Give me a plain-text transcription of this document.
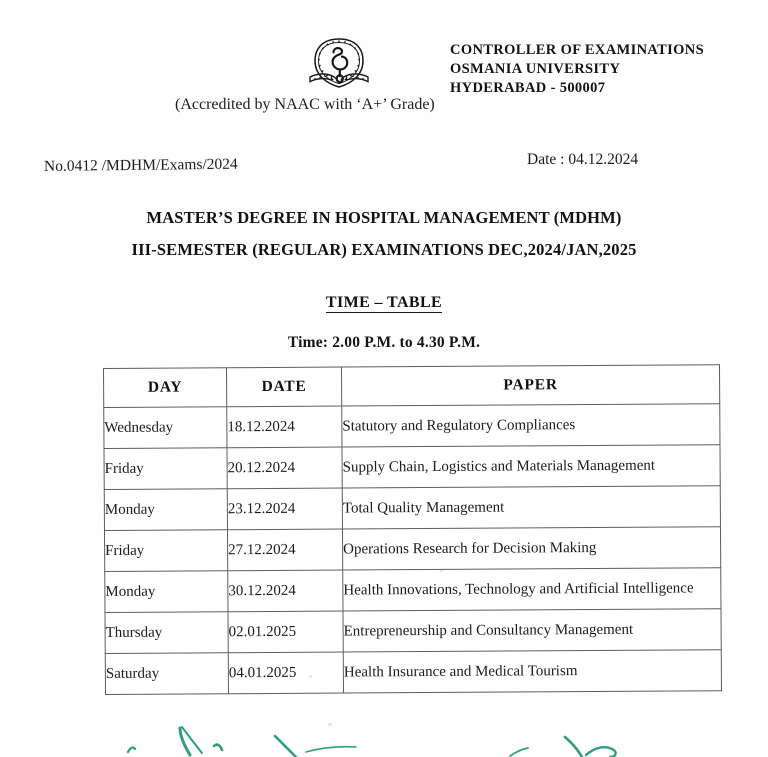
CONTROLLER OF EXAMINATIONS
OSMANIA UNIVERSITY
HYDERABAD - 500007
(Accredited by NAAC with ‘A+’ Grade)
No.0412 /MDHM/Exams/2024	Date : 04.12.2024
MASTER’S DEGREE IN HOSPITAL MANAGEMENT (MDHM)
III-SEMESTER (REGULAR) EXAMINATIONS DEC,2024/JAN,2025
TIME – TABLE
Time: 2.00 P.M. to 4.30 P.M.
DAY	DATE	PAPER
Wednesday	18.12.2024	Statutory and Regulatory Compliances
Friday	20.12.2024	Supply Chain, Logistics and Materials Management
Monday	23.12.2024	Total Quality Management
Friday	27.12.2024	Operations Research for Decision Making
Monday	30.12.2024	Health Innovations, Technology and Artificial Intelligence
Thursday	02.01.2025	Entrepreneurship and Consultancy Management
Saturday	04.01.2025	Health Insurance and Medical Tourism
